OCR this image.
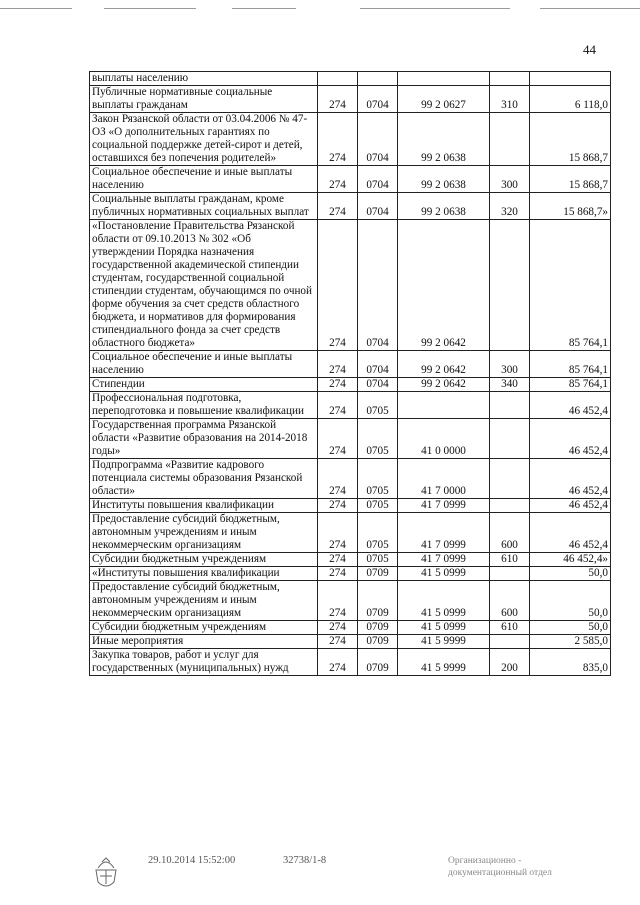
44
выплаты населению					
Публичные нормативные социальные выплаты гражданам	274	0704	99 2 0627	310	6 118,0
Закон Рязанской области от 03.04.2006 № 47-ОЗ «О дополнительных гарантиях по социальной поддержке детей-сирот и детей, оставшихся без попечения родителей»	274	0704	99 2 0638		15 868,7
Социальное обеспечение и иные выплаты населению	274	0704	99 2 0638	300	15 868,7
Социальные выплаты гражданам, кроме публичных нормативных социальных выплат	274	0704	99 2 0638	320	15 868,7»
«Постановление Правительства Рязанской области от 09.10.2013 № 302 «Об утверждении Порядка назначения государственной академической стипендии студентам, государственной социальной стипендии студентам, обучающимся по очной форме обучения за счет средств областного бюджета, и нормативов для формирования стипендиального фонда за счет средств областного бюджета»	274	0704	99 2 0642		85 764,1
Социальное обеспечение и иные выплаты населению	274	0704	99 2 0642	300	85 764,1
Стипендии	274	0704	99 2 0642	340	85 764,1
Профессиональная подготовка, переподготовка и повышение квалификации	274	0705			46 452,4
Государственная программа Рязанской области «Развитие образования на 2014-2018 годы»	274	0705	41 0 0000		46 452,4
Подпрограмма «Развитие кадрового потенциала системы образования Рязанской области»	274	0705	41 7 0000		46 452,4
Институты повышения квалификации	274	0705	41 7 0999		46 452,4
Предоставление субсидий бюджетным, автономным учреждениям и иным некоммерческим организациям	274	0705	41 7 0999	600	46 452,4
Субсидии бюджетным учреждениям	274	0705	41 7 0999	610	46 452,4»
«Институты повышения квалификации	274	0709	41 5 0999		50,0
Предоставление субсидий бюджетным, автономным учреждениям и иным некоммерческим организациям	274	0709	41 5 0999	600	50,0
Субсидии бюджетным учреждениям	274	0709	41 5 0999	610	50,0
Иные мероприятия	274	0709	41 5 9999		2 585,0
Закупка товаров, работ и услуг для государственных (муниципальных) нужд	274	0709	41 5 9999	200	835,0
29.10.2014 15:52:00	32738/1-8	Организационно -
документационный отдел
